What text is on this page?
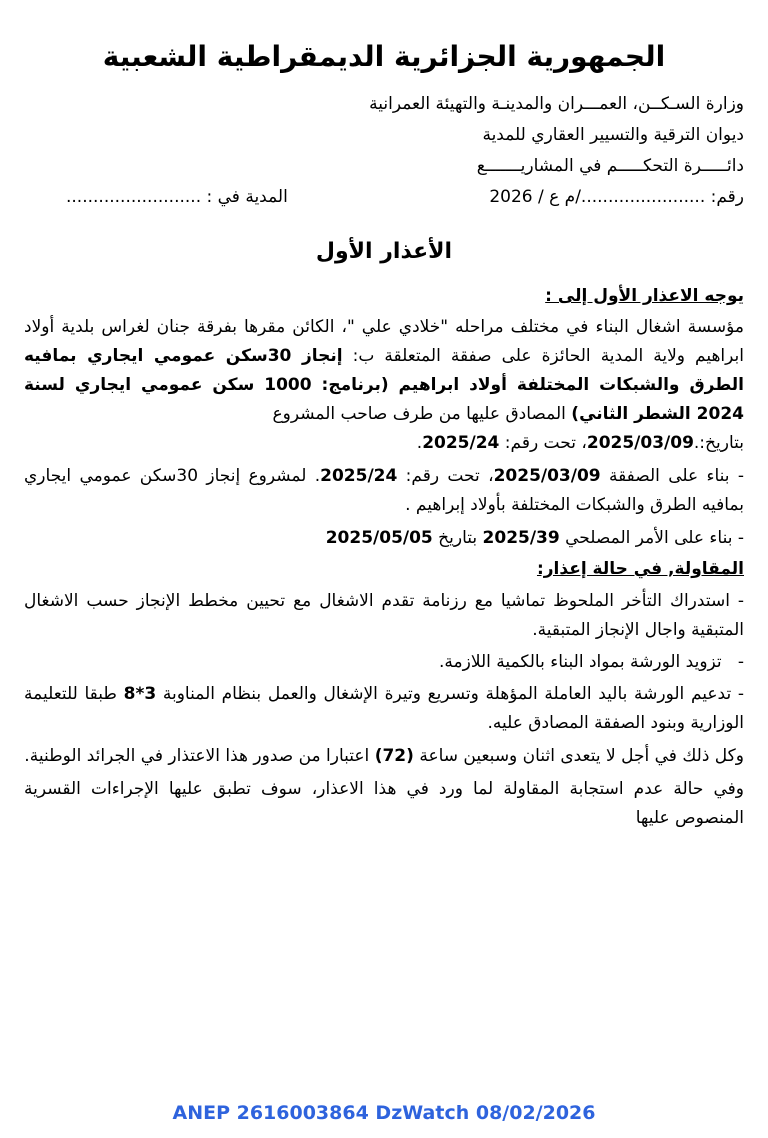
الجمهورية الجزائرية الديمقراطية الشعبية
وزارة السـكــن، العمـــران والمدينـة والتهيئة العمرانية
ديوان الترقية والتسيير العقاري للمدية
دائـــــرة التحكـــــم في المشاريـــــــع
رقم: ......................./م ع / 2026
المدية في : .........................
الأعذار الأول
يوجه الاعذار الأول إلى :

مؤسسة اشغال البناء في مختلف مراحله "خلادي علي "، الكائن مقرها بفرقة جنان لغراس بلدية أولاد ابراهيم ولاية المدية الحائزة على صفقة المتعلقة ب: إنجاز 30سكن عمومي ايجاري بمافيه الطرق والشبكات المختلفة أولاد ابراهيم (برنامج: 1000 سكن عمومي ايجاري لسنة 2024 الشطر الثاني) المصادق عليها من طرف صاحب المشروع

بتاريخ:.2025/03/09، تحت رقم: 2025/24.

- بناء على الصفقة 2025/03/09، تحت رقم: 2025/24. لمشروع إنجاز 30سكن عمومي ايجاري بمافيه الطرق والشبكات المختلفة بأولاد إبراهيم .

- بناء على الأمر المصلحي 2025/39 بتاريخ 2025/05/05

المقاولة, في حالة إعذار:

- استدراك التأخر الملحوظ تماشيا مع رزنامة تقدم الاشغال مع تحيين مخطط الإنجاز حسب الاشغال المتبقية واجال الإنجاز المتبقية.

-   تزويد الورشة بمواد البناء بالكمية اللازمة.

- تدعيم الورشة باليد العاملة المؤهلة وتسريع وتيرة الإشغال والعمل بنظام المناوبة 3*8 طبقا للتعليمة الوزارية وبنود الصفقة المصادق عليه.

وكل ذلك في أجل لا يتعدى اثنان وسبعين ساعة (72) اعتبارا من صدور هذا الاعتذار في الجرائد الوطنية.

وفي حالة عدم استجابة المقاولة لما ورد في هذا الاعذار، سوف تطبق عليها الإجراءات القسرية المنصوص عليها

ANEP 2616003864 DzWatch 08/02/2026
